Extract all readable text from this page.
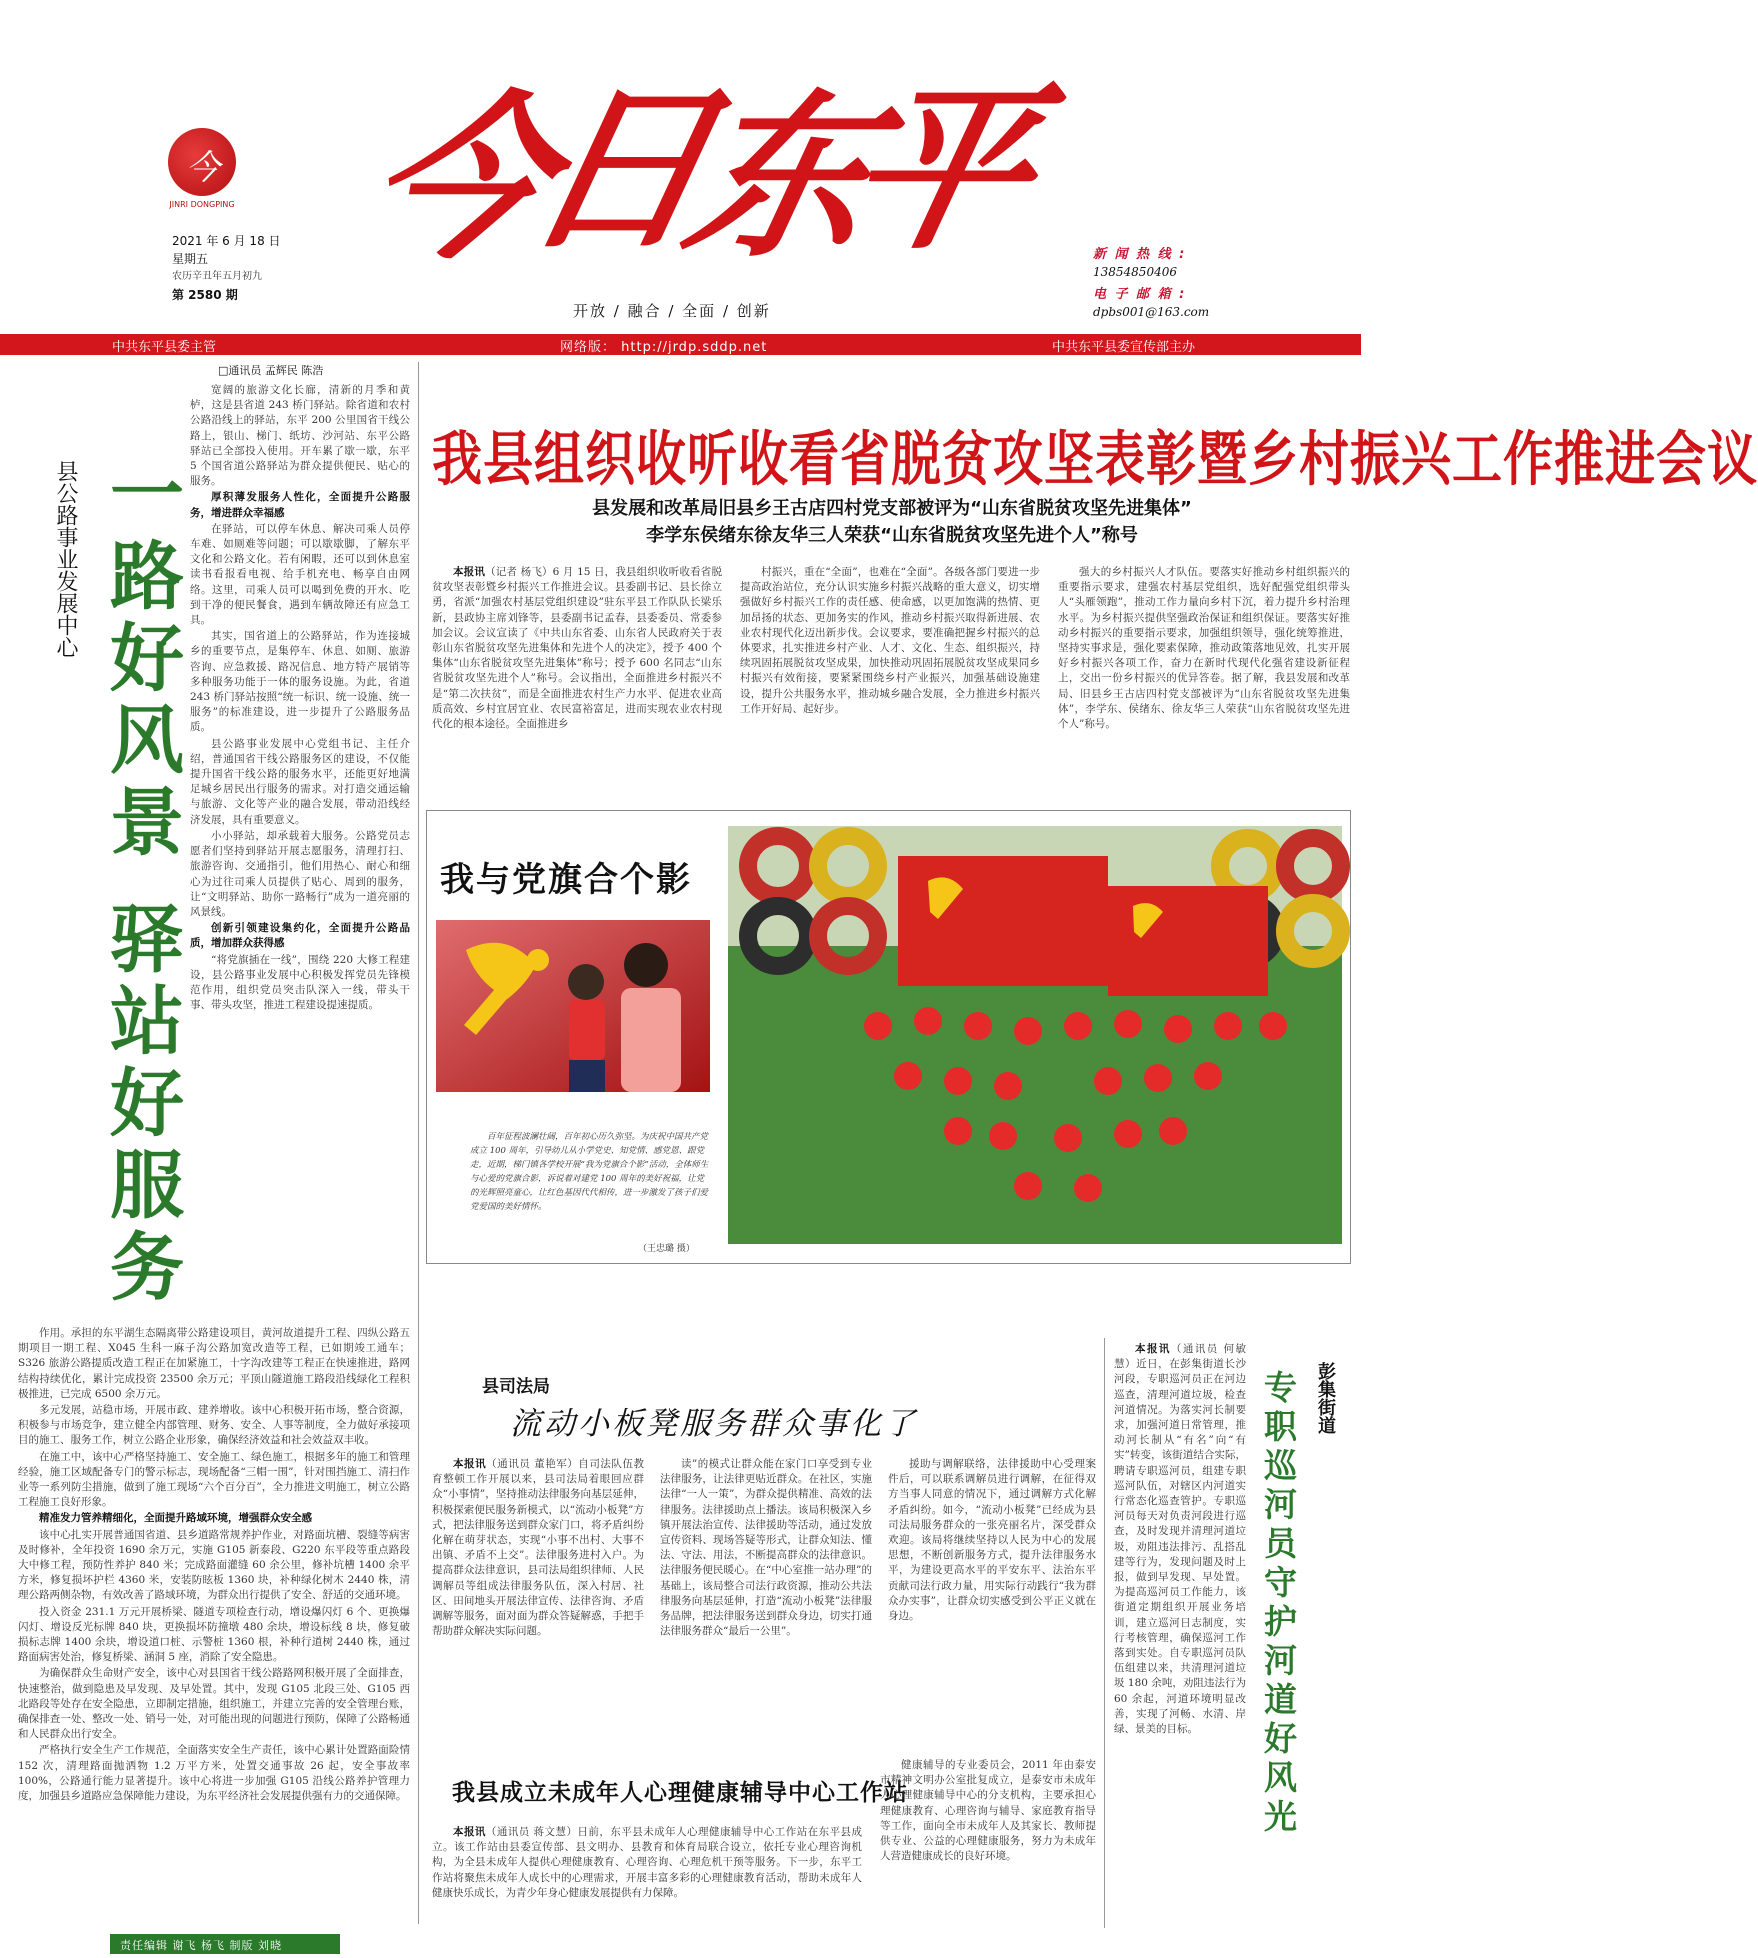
今
JINRI DONGPING
2021 年 6 月 18 日
星期五
农历辛丑年五月初九
第 2580 期
今
日
东
平
开放 / 融合 / 全面 / 创新
新 闻 热 线 :
13854850406
电 子 邮 箱 :
dpbs001@163.com
中共东平县委主管	网络版： http://jrdp.sddp.net	中共东平县委宣传部主办
□通讯员 孟辉民 陈浩
县公路事业发展中心 一路好风景
驿站好服务

宽阔的旅游文化长廊，清新的月季和黄栌，这是县省道 243 桥门驿站。除省道和农村公路沿线上的驿站，东平 200 公里国省干线公路上，银山、梯门、纸坊、沙河站、东平公路驿站已全部投入使用。开车累了歇一歇，东平 5 个国省道公路驿站为群众提供便民、贴心的服务。

厚积薄发服务人性化，全面提升公路服务，增进群众幸福感

在驿站，可以停车休息、解决司乘人员停车难、如厕难等问题；可以歇歇脚，了解东平文化和公路文化。若有闲暇，还可以到休息室读书看报看电视、给手机充电、畅享自由网络。这里，司乘人员可以喝到免费的开水、吃到干净的便民餐食，遇到车辆故障还有应急工具。

其实，国省道上的公路驿站，作为连接城乡的重要节点，是集停车、休息、如厕、旅游咨询、应急救援、路况信息、地方特产展销等多种服务功能于一体的服务设施。为此，省道 243 桥门驿站按照“统一标识、统一设施、统一服务”的标准建设，进一步提升了公路服务品质。

县公路事业发展中心党组书记、主任介绍，普通国省干线公路服务区的建设，不仅能提升国省干线公路的服务水平，还能更好地满足城乡居民出行服务的需求。对打造交通运输与旅游、文化等产业的融合发展，带动沿线经济发展，具有重要意义。

小小驿站，却承载着大服务。公路党员志愿者们坚持到驿站开展志愿服务，清理打扫、旅游咨询、交通指引，他们用热心、耐心和细心为过往司乘人员提供了贴心、周到的服务，让“文明驿站、助你一路畅行”成为一道亮丽的风景线。

创新引领建设集约化，全面提升公路品质，增加群众获得感

“将党旗插在一线”，围绕 220 大修工程建设，县公路事业发展中心积极发挥党员先锋模范作用，组织党员突击队深入一线，带头干事、带头攻坚，推进工程建设提速提质。

作用。承担的东平湖生态隔离带公路建设项目，黄河故道提升工程、四纵公路五期项目一期工程、X045 生科一麻子沟公路加宽改造等工程，已如期竣工通车；S326 旅游公路提质改造工程正在加紧施工，十字沟改建等工程正在快速推进，路网结构持续优化，累计完成投资 23500 余万元；平顶山隧道施工路段沿线绿化工程积极推进，已完成 6500 余万元。

多元发展，站稳市场，开展市政、建养增收。该中心积极开拓市场，整合资源，积极参与市场竞争，建立健全内部管理、财务、安全、人事等制度，全力做好承接项目的施工、服务工作，树立公路企业形象，确保经济效益和社会效益双丰收。

在施工中，该中心严格坚持施工、安全施工、绿色施工，根据多年的施工和管理经验，施工区域配备专门的警示标志，现场配备“三帽一围”，针对围挡施工、清扫作业等一系列防尘措施，做到了施工现场“六个百分百”，全力推进文明施工，树立公路工程施工良好形象。

精准发力管养精细化，全面提升路域环境，增强群众安全感

该中心扎实开展普通国省道、县乡道路常规养护作业，对路面坑槽、裂缝等病害及时修补，全年投资 1690 余万元，实施 G105 新泰段、G220 东平段等重点路段大中修工程，预防性养护 840 米；完成路面灌缝 60 余公里，修补坑槽 1400 余平方米，修复损坏护栏 4360 米，安装防眩板 1360 块，补种绿化树木 2440 株，清理公路两侧杂物，有效改善了路域环境，为群众出行提供了安全、舒适的交通环境。

投入资金 231.1 万元开展桥梁、隧道专项检查行动，增设爆闪灯 6 个、更换爆闪灯、增设反光标牌 840 块，更换损坏防撞墩 480 余块，增设标线 8 块，修复破损标志牌 1400 余块，增设道口桩、示警桩 1360 根，补种行道树 2440 株，通过路面病害处治，修复桥梁、涵洞 5 座，消除了安全隐患。

为确保群众生命财产安全，该中心对县国省干线公路路网积极开展了全面排查，快速整治，做到隐患及早发现、及早处置。其中，发现 G105 北段三处、G105 西北路段等处存在安全隐患，立即制定措施，组织施工，并建立完善的安全管理台账，确保排查一处、整改一处、销号一处，对可能出现的问题进行预防，保障了公路畅通和人民群众出行安全。

严格执行安全生产工作规范，全面落实安全生产责任，该中心累计处置路面险情 152 次，清理路面抛洒物 1.2 万平方米，处置交通事故 26 起，安全事故率 100%，公路通行能力显著提升。该中心将进一步加强 G105 沿线公路养护管理力度，加强县乡道路应急保障能力建设，为东平经济社会发展提供强有力的交通保障。

我县组织收听收看省脱贫攻坚表彰暨乡村振兴工作推进会议
县发展和改革局旧县乡王古店四村党支部被评为“山东省脱贫攻坚先进集体”
李学东侯绪东徐友华三人荣获“山东省脱贫攻坚先进个人”称号

本报讯（记者 杨飞）6 月 15 日，我县组织收听收看省脱贫攻坚表彰暨乡村振兴工作推进会议。县委副书记、县长徐立勇，省派“加强农村基层党组织建设”驻东平县工作队队长梁乐新，县政协主席刘锋等，县委副书记孟春，县委委员、常委参加会议。会议宣读了《中共山东省委、山东省人民政府关于表彰山东省脱贫攻坚先进集体和先进个人的决定》，授予 400 个集体“山东省脱贫攻坚先进集体”称号；授予 600 名同志“山东省脱贫攻坚先进个人”称号。会议指出，全面推进乡村振兴不是“第二次扶贫”，而是全面推进农村生产力水平、促进农业高质高效、乡村宜居宜业、农民富裕富足，进而实现农业农村现代化的根本途径。全面推进乡

村振兴，重在“全面”，也难在“全面”。各级各部门要进一步提高政治站位，充分认识实施乡村振兴战略的重大意义，切实增强做好乡村振兴工作的责任感、使命感，以更加饱满的热情、更加昂扬的状态、更加务实的作风，推动乡村振兴取得新进展、农业农村现代化迈出新步伐。会议要求，要准确把握乡村振兴的总体要求，扎实推进乡村产业、人才、文化、生态、组织振兴，持续巩固拓展脱贫攻坚成果，加快推动巩固拓展脱贫攻坚成果同乡村振兴有效衔接，要紧紧围绕乡村产业振兴，加强基础设施建设，提升公共服务水平，推动城乡融合发展，全力推进乡村振兴工作开好局、起好步。

强大的乡村振兴人才队伍。要落实好推动乡村组织振兴的重要指示要求，建强农村基层党组织，选好配强党组织带头人“头雁领跑”，推动工作力量向乡村下沉，着力提升乡村治理水平。为乡村振兴提供坚强政治保证和组织保证。要落实好推动乡村振兴的重要指示要求，加强组织领导，强化统筹推进，坚持实事求是，强化要素保障，推动政策落地见效，扎实开展好乡村振兴各项工作，奋力在新时代现代化强省建设新征程上，交出一份乡村振兴的优异答卷。据了解，我县发展和改革局、旧县乡王古店四村党支部被评为“山东省脱贫攻坚先进集体”，李学东、侯绪东、徐友华三人荣获“山东省脱贫攻坚先进个人”称号。

我与党旗合个影
百年征程波澜壮阔，百年初心历久弥坚。为庆祝中国共产党成立 100 周年，引导幼儿从小学党史、知党情、感党恩、跟党走，近期，梯门镇各学校开展“我为党旗合个影”活动，全体师生与心爱的党旗合影，诉说着对建党 100 周年的美好祝福，让党的光辉照亮童心，让红色基因代代相传，进一步激发了孩子们爱党爱国的美好情怀。
（王忠璐 摄）
县司法局
流动小板凳服务群众事化了

本报讯（通讯员 董艳军）自司法队伍教育整顿工作开展以来，县司法局着眼回应群众“小事情”，坚持推动法律服务向基层延伸，积极探索便民服务新模式，以“流动小板凳”方式，把法律服务送到群众家门口，将矛盾纠纷化解在萌芽状态，实现“小事不出村、大事不出镇、矛盾不上交”。法律服务进村入户。为提高群众法律意识，县司法局组织律师、人民调解员等组成法律服务队伍，深入村居、社区、田间地头开展法律宣传、法律咨询、矛盾调解等服务，面对面为群众答疑解惑，手把手帮助群众解决实际问题。

读”的模式让群众能在家门口享受到专业法律服务，让法律更贴近群众。在社区，实施法律“一人一策”，为群众提供精准、高效的法律服务。法律援助点上播法。该局积极深入乡镇开展法治宣传、法律援助等活动，通过发放宣传资料、现场答疑等形式，让群众知法、懂法、守法、用法，不断提高群众的法律意识。法律服务便民暖心。在“中心室推一站办理”的基础上，该局整合司法行政资源，推动公共法律服务向基层延伸，打造“流动小板凳”法律服务品牌，把法律服务送到群众身边，切实打通法律服务群众“最后一公里”。

援助与调解联络，法律援助中心受理案件后，可以联系调解员进行调解，在征得双方当事人同意的情况下，通过调解方式化解矛盾纠纷。如今，“流动小板凳”已经成为县司法局服务群众的一张亮丽名片，深受群众欢迎。该局将继续坚持以人民为中心的发展思想，不断创新服务方式，提升法律服务水平，为建设更高水平的平安东平、法治东平贡献司法行政力量，用实际行动践行“我为群众办实事”，让群众切实感受到公平正义就在身边。

彭集街道
专职巡河员守护河道好风光

本报讯（通讯员 何敏慧）近日，在彭集街道长沙河段，专职巡河员正在河边巡查，清理河道垃圾，检查河道情况。为落实河长制要求，加强河道日常管理，推动河长制从“有名”向“有实”转变，该街道结合实际，聘请专职巡河员，组建专职巡河队伍，对辖区内河道实行常态化巡查管护。专职巡河员每天对负责河段进行巡查，及时发现并清理河道垃圾，劝阻违法排污、乱搭乱建等行为，发现问题及时上报，做到早发现、早处置。为提高巡河员工作能力，该街道定期组织开展业务培训，建立巡河日志制度，实行考核管理，确保巡河工作落到实处。自专职巡河员队伍组建以来，共清理河道垃圾 180 余吨，劝阻违法行为 60 余起，河道环境明显改善，实现了河畅、水清、岸绿、景美的目标。

我县成立未成年人心理健康辅导中心工作站

本报讯（通讯员 蒋文慧）日前，东平县未成年人心理健康辅导中心工作站在东平县成立。该工作站由县委宣传部、县文明办、县教育和体育局联合设立，依托专业心理咨询机构，为全县未成年人提供心理健康教育、心理咨询、心理危机干预等服务。下一步，东平工作站将聚焦未成年人成长中的心理需求，开展丰富多彩的心理健康教育活动，帮助未成年人健康快乐成长，为青少年身心健康发展提供有力保障。

健康辅导的专业委员会，2011 年由泰安市精神文明办公室批复成立，是泰安市未成年人心理健康辅导中心的分支机构，主要承担心理健康教育、心理咨询与辅导、家庭教育指导等工作，面向全市未成年人及其家长、教师提供专业、公益的心理健康服务，努力为未成年人营造健康成长的良好环境。

责任编辑 谢飞 杨飞 制版 刘晓
